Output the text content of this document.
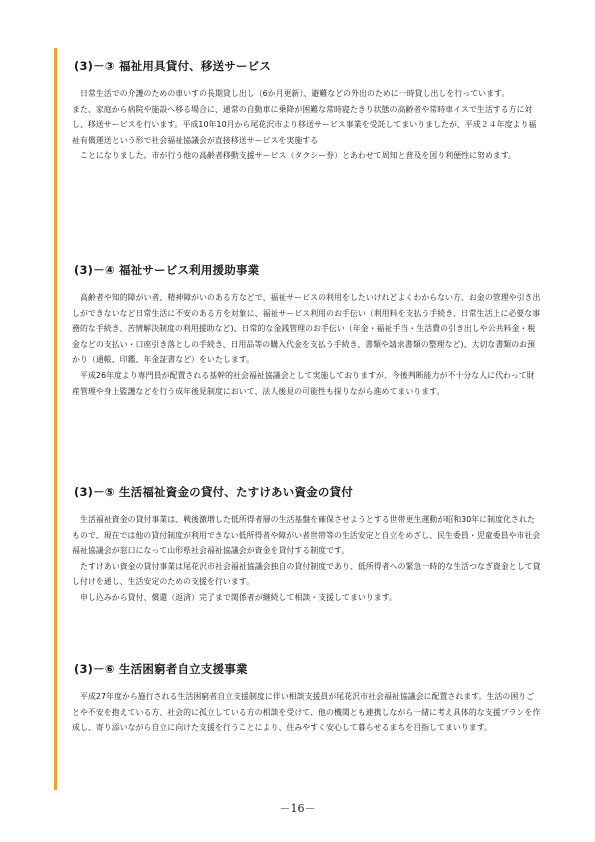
(3)－③ 福祉用具貸付、移送サービス

日常生活での介護のための車いすの長期貸し出し（6か月更新）、避難などの外出のために一時貸し出しを行っています。

また、家庭から病院や施設へ移る場合に、通常の自動車に乗降が困難な常時寝たきり状態の高齢者や常時車イスで生活する方に対し、移送サービスを行います。平成10年10月から尾花沢市より移送サービス事業を受託してまいりましたが、平成２４年度より福祉有償運送という形で社会福祉協議会が直接移送サービスを実施する

ことになりました。市が行う他の高齢者移動支援サービス（タクシー券）とあわせて周知と普及を図り利便性に努めます。

(3)－④ 福祉サービス利用援助事業

高齢者や知的障がい者、精神障がいのある方などで、福祉サービスの利用をしたいけれどよくわからない方、お金の管理や引き出しができないなど日常生活に不安のある方を対象に、福祉サービス利用のお手伝い（利用料を支払う手続き、日常生活上に必要な事務的な手続き、苦情解決制度の利用援助など)、日常的な金銭管理のお手伝い（年金・福祉手当・生活費の引き出しや公共料金・税金などの支払い・口座引き落としの手続き、日用品等の購入代金を支払う手続き、書類や請求書類の整理など)、大切な書類のお預かり（通帳、印鑑、年金証書など）をいたします。

平成26年度より専門員が配置される基幹的社会福祉協議会として実施しておりますが、今後判断能力が不十分な人に代わって財産管理や身上監護などを行う成年後見制度において、法人後見の可能性も探りながら進めてまいります。

(3)－⑤ 生活福祉資金の貸付、たすけあい資金の貸付

生活福祉資金の貸付事業は、戦後激増した低所得者層の生活基盤を確保させようとする世帯更生運動が昭和30年に制度化されたもので、現在では他の貸付制度が利用できない低所得者や障がい者世帯等の生活安定と自立をめざし、民生委員・児童委員や市社会福祉協議会が窓口になって山形県社会福祉協議会が資金を貸付する制度です。

たすけあい資金の貸付事業は尾花沢市社会福祉協議会独自の貸付制度であり、低所得者への緊急一時的な生活つなぎ資金として貸し付けを通し、生活安定のための支援を行います。

申し込みから貸付、償還（返済）完了まで関係者が継続して相談・支援してまいります。

(3)－⑥ 生活困窮者自立支援事業

平成27年度から施行される生活困窮者自立支援制度に伴い相談支援員が尾花沢市社会福祉協議会に配置されます。生活の困りごとや不安を抱えている方、社会的に孤立している方の相談を受けて、他の機関とも連携しながら一緒に考え具体的な支援プランを作成し、寄り添いながら自立に向けた支援を行うことにより、住みやすく安心して暮らせるまちを目指してまいります。

－16－
